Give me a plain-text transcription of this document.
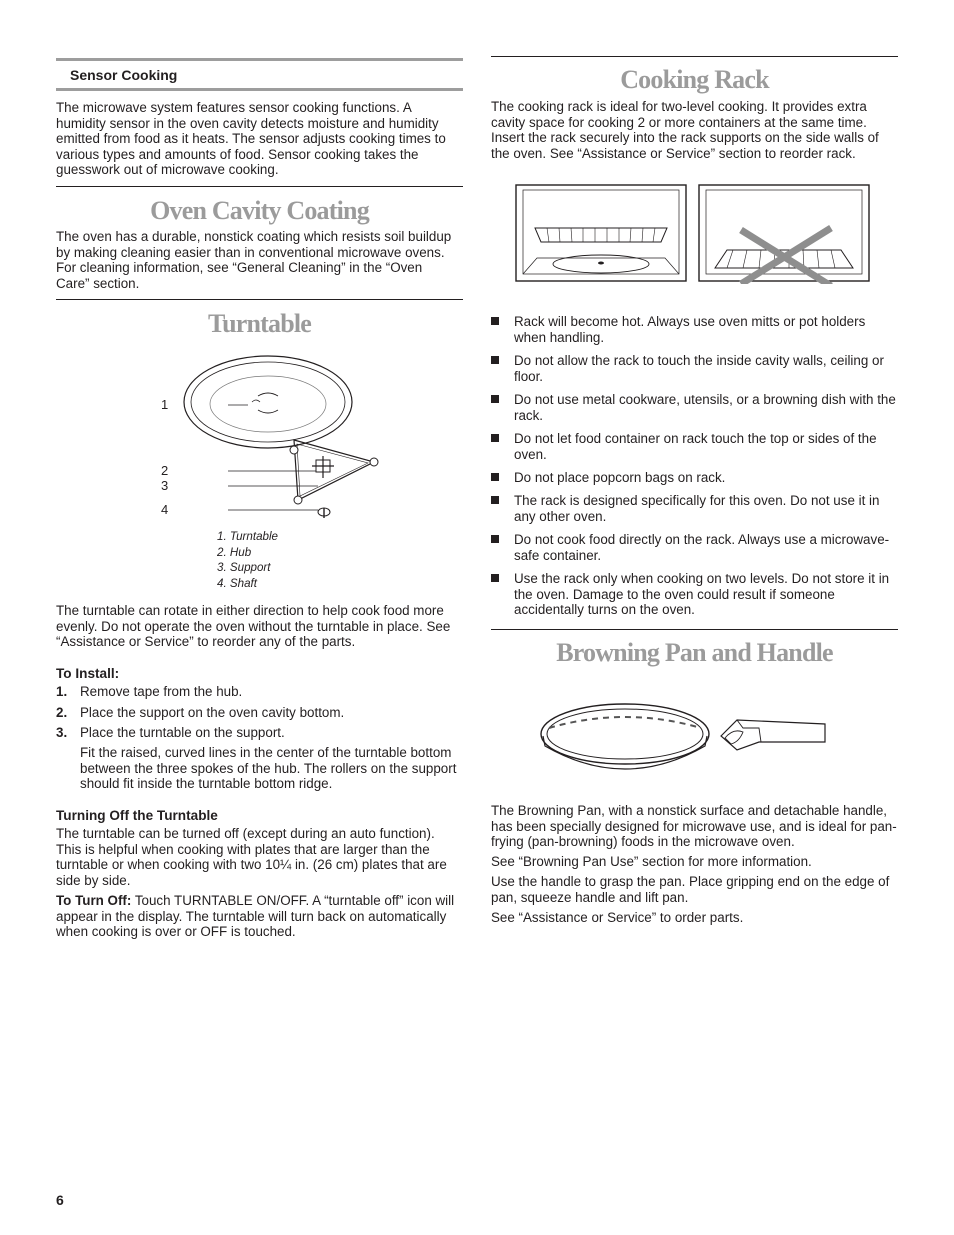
Sensor Cooking

The microwave system features sensor cooking functions. A humidity sensor in the oven cavity detects moisture and humidity emitted from food as it heats. The sensor adjusts cooking times to various types and amounts of food. Sensor cooking takes the guesswork out of microwave cooking.

Oven Cavity Coating

The oven has a durable, nonstick coating which resists soil buildup by making cleaning easier than in conventional microwave ovens. For cleaning information, see “General Cleaning” in the “Oven Care” section.

Turntable
1
2
3
4
1. Turntable
2. Hub
3. Support
4. Shaft

The turntable can rotate in either direction to help cook food more evenly. Do not operate the oven without the turntable in place. See “Assistance or Service” to reorder any of the parts.

To Install:
1. Remove tape from the hub.
2. Place the support on the oven cavity bottom.
3. Place the turntable on the support.

Fit the raised, curved lines in the center of the turntable bottom between the three spokes of the hub. The rollers on the support should fit inside the turntable bottom ridge.

Turning Off the Turntable

The turntable can be turned off (except during an auto function). This is helpful when cooking with plates that are larger than the turntable or when cooking with two 10¼ in. (26 cm) plates that are side by side.

To Turn Off: Touch TURNTABLE ON/OFF. A “turntable off” icon will appear in the display. The turntable will turn back on automatically when cooking is over or OFF is touched.

Cooking Rack

The cooking rack is ideal for two-level cooking. It provides extra cavity space for cooking 2 or more containers at the same time. Insert the rack securely into the rack supports on the side walls of the oven. See “Assistance or Service” section to reorder rack.

Rack will become hot. Always use oven mitts or pot holders when handling.
Do not allow the rack to touch the inside cavity walls, ceiling or floor.
Do not use metal cookware, utensils, or a browning dish with the rack.
Do not let food container on rack touch the top or sides of the oven.
Do not place popcorn bags on rack.
The rack is designed specifically for this oven. Do not use it in any other oven.
Do not cook food directly on the rack. Always use a microwave-safe container.
Use the rack only when cooking on two levels. Do not store it in the oven. Damage to the oven could result if someone accidentally turns on the oven.
Browning Pan and Handle

The Browning Pan, with a nonstick surface and detachable handle, has been specially designed for microwave use, and is ideal for pan-frying (pan-browning) foods in the microwave oven.

See “Browning Pan Use” section for more information.

Use the handle to grasp the pan. Place gripping end on the edge of pan, squeeze handle and lift pan.

See “Assistance or Service” to order parts.

6
